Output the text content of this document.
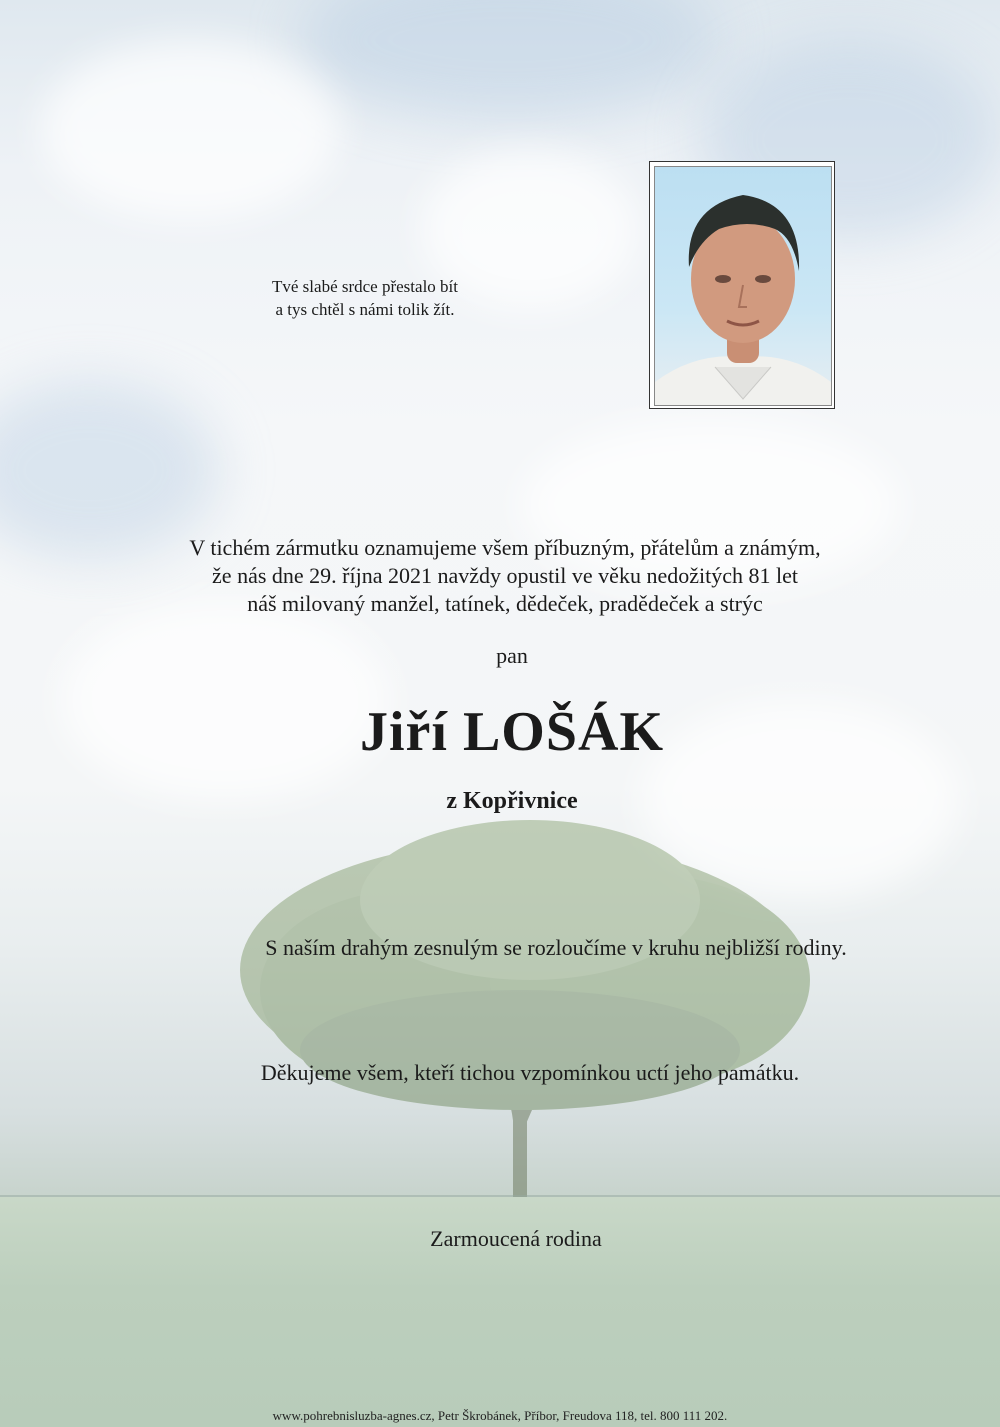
Tvé slabé srdce přestalo bít
a tys chtěl s námi tolik žít.
V tichém zármutku oznamujeme všem příbuzným, přátelům a známým,
že nás dne 29. října 2021 navždy opustil ve věku nedožitých 81 let
náš milovaný manžel, tatínek, dědeček, pradědeček a strýc
pan
Jiří LOŠÁK
z Kopřivnice
S naším drahým zesnulým se rozloučíme v kruhu nejbližší rodiny.
Děkujeme všem, kteří tichou vzpomínkou uctí jeho památku.
Zarmoucená rodina
www.pohrebnisluzba-agnes.cz, Petr Škrobánek, Příbor, Freudova 118, tel. 800 111 202.
